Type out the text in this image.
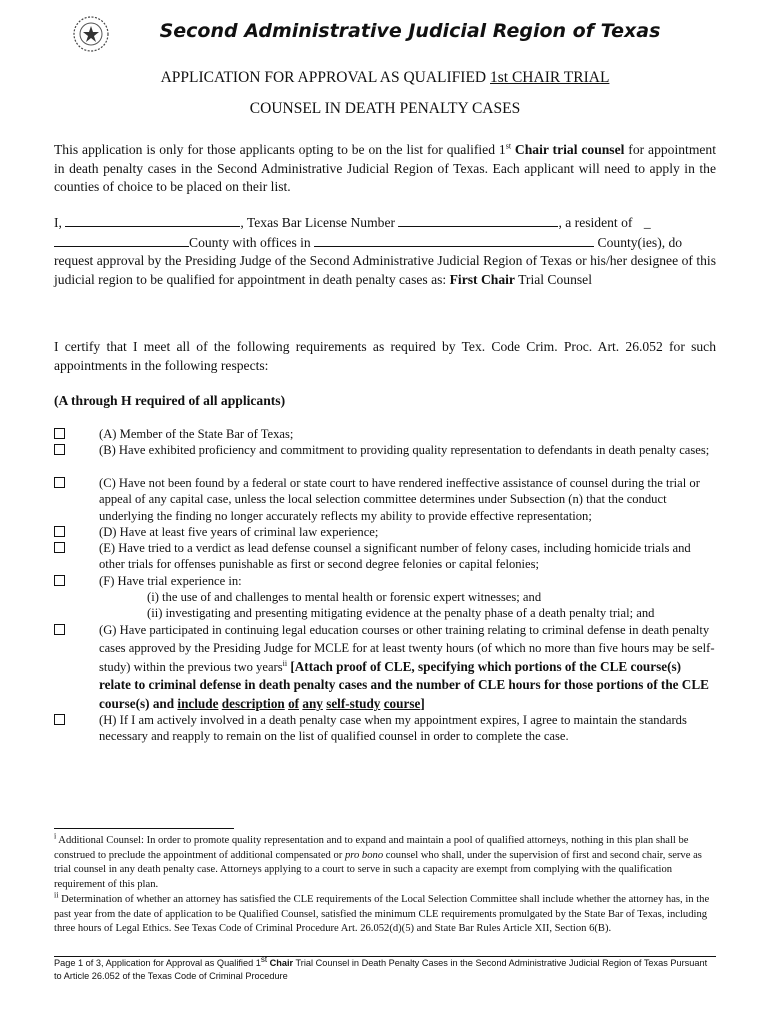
Second Administrative Judicial Region of Texas
APPLICATION FOR APPROVAL AS QUALIFIED 1st CHAIR TRIAL
COUNSEL IN DEATH PENALTY CASES
This application is only for those applicants opting to be on the list for qualified 1st Chair trial counsel for appointment in death penalty cases in the Second Administrative Judicial Region of Texas. Each applicant will need to apply in the counties of choice to be placed on their list.
I,	, Texas Bar License Number	, a resident of _
County with offices in	County(ies), do
request approval by the Presiding Judge of the Second Administrative Judicial Region of Texas or his/her designee of this judicial region to be qualified for appointment in death penalty cases as: First Chair Trial Counsel
I certify that I meet all of the following requirements as required by Tex. Code Crim. Proc. Art. 26.052 for such appointments in the following respects:
(A through H required of all applicants)
(A) Member of the State Bar of Texas;
(B) Have exhibited proficiency and commitment to providing quality representation to defendants in death penalty cases;
(C) Have not been found by a federal or state court to have rendered ineffective assistance of counsel during the trial or appeal of any capital case, unless the local selection committee determines under Subsection (n) that the conduct underlying the finding no longer accurately reflects my ability to provide effective representation;
(D) Have at least five years of criminal law experience;
(E) Have tried to a verdict as lead defense counsel a significant number of felony cases, including homicide trials and other trials for offenses punishable as first or second degree felonies or capital felonies;
(F) Have trial experience in:
(i) the use of and challenges to mental health or forensic expert witnesses; and
(ii) investigating and presenting mitigating evidence at the penalty phase of a death penalty trial; and
(G) Have participated in continuing legal education courses or other training relating to criminal defense in death penalty cases approved by the Presiding Judge for MCLE for at least twenty hours (of which no more than five hours may be self-study) within the previous two years$^{ii}$ [Attach proof of CLE, specifying which portions of the CLE course(s) relate to criminal defense in death penalty cases and the number of CLE hours for those portions of the CLE course(s) and include description of any self-study course]
(H) If I am actively involved in a death penalty case when my appointment expires, I agree to maintain the standards necessary and reapply to remain on the list of qualified counsel in order to complete the case.
$^i$ Additional Counsel: In order to promote quality representation and to expand and maintain a pool of qualified attorneys, nothing in this plan shall be construed to preclude the appointment of additional compensated or pro bono counsel who shall, under the supervision of first and second chair, serve as trial counsel in any death penalty case. Attorneys applying to a court to serve in such a capacity are exempt from complying with the qualification requirement of this plan.
$^{ii}$ Determination of whether an attorney has satisfied the CLE requirements of the Local Selection Committee shall include whether the attorney has, in the past year from the date of application to be Qualified Counsel, satisfied the minimum CLE requirements promulgated by the State Bar of Texas, including three hours of Legal Ethics. See Texas Code of Criminal Procedure Art. 26.052(d)(5) and State Bar Rules Article XII, Section 6(B).
Page 1 of 3, Application for Approval as Qualified 1st Chair Trial Counsel in Death Penalty Cases in the Second Administrative Judicial Region of Texas Pursuant to Article 26.052 of the Texas Code of Criminal Procedure
